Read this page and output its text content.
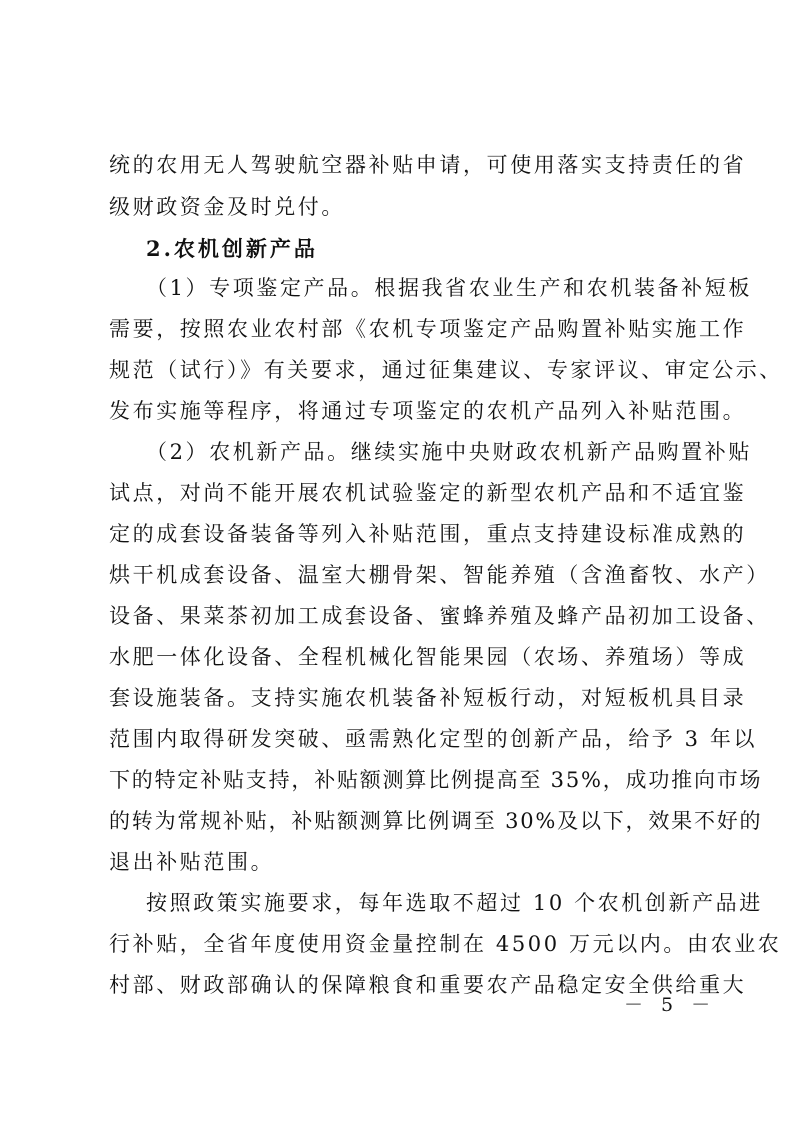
统的农用无人驾驶航空器补贴申请，可使用落实支持责任的省
级财政资金及时兑付。
2.农机创新产品
（1）专项鉴定产品。根据我省农业生产和农机装备补短板
需要，按照农业农村部《农机专项鉴定产品购置补贴实施工作
规范（试行）》有关要求，通过征集建议、专家评议、审定公示、
发布实施等程序，将通过专项鉴定的农机产品列入补贴范围。
（2）农机新产品。继续实施中央财政农机新产品购置补贴
试点，对尚不能开展农机试验鉴定的新型农机产品和不适宜鉴
定的成套设备装备等列入补贴范围，重点支持建设标准成熟的
烘干机成套设备、温室大棚骨架、智能养殖（含渔畜牧、水产）
设备、果菜茶初加工成套设备、蜜蜂养殖及蜂产品初加工设备、
水肥一体化设备、全程机械化智能果园（农场、养殖场）等成
套设施装备。支持实施农机装备补短板行动，对短板机具目录
范围内取得研发突破、亟需熟化定型的创新产品，给予 3 年以
下的特定补贴支持，补贴额测算比例提高至 35%，成功推向市场
的转为常规补贴，补贴额测算比例调至 30%及以下，效果不好的
退出补贴范围。
按照政策实施要求，每年选取不超过 10 个农机创新产品进
行补贴，全省年度使用资金量控制在 4500 万元以内。由农业农
村部、财政部确认的保障粮食和重要农产品稳定安全供给重大
－ 5 －
